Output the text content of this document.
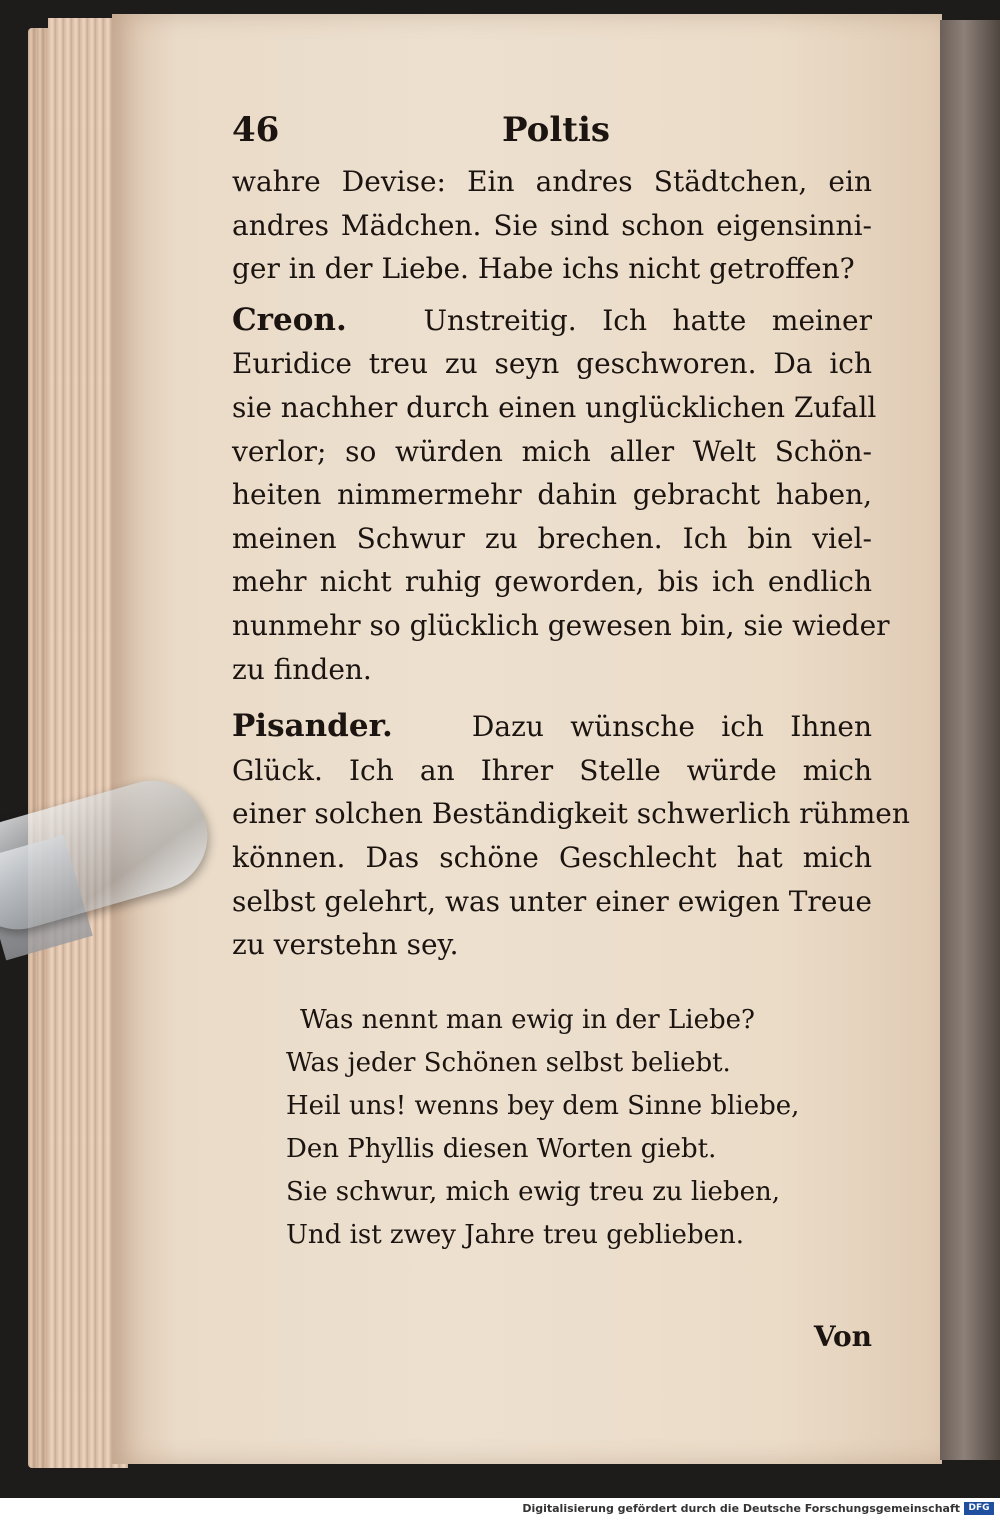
46	Poltis

wahre Devise: Ein andres Städtchen, ein
andres Mädchen. Sie sind schon eigensinni-
ger in der Liebe. Habe ichs nicht getroffen?

Creon.	Unstreitig. Ich hatte meiner
Euridice treu zu seyn geschworen. Da ich
sie nachher durch einen unglücklichen Zufall
verlor; so würden mich aller Welt Schön-
heiten nimmermehr dahin gebracht haben,
meinen Schwur zu brechen. Ich bin viel-
mehr nicht ruhig geworden, bis ich endlich
nunmehr so glücklich gewesen bin, sie wieder
zu finden.

Pisander.	Dazu wünsche ich Ihnen
Glück. Ich an Ihrer Stelle würde mich
einer solchen Beständigkeit schwerlich rühmen
können. Das schöne Geschlecht hat mich
selbst gelehrt, was unter einer ewigen Treue
zu verstehn sey.

Was nennt man ewig in der Liebe?
Was jeder Schönen selbst beliebt.
Heil uns! wenns bey dem Sinne bliebe,
Den Phyllis diesen Worten giebt.
Sie schwur, mich ewig treu zu lieben,
Und ist zwey Jahre treu geblieben.
Von
Digitalisierung gefördert durch die Deutsche Forschungsgemeinschaft DFG
